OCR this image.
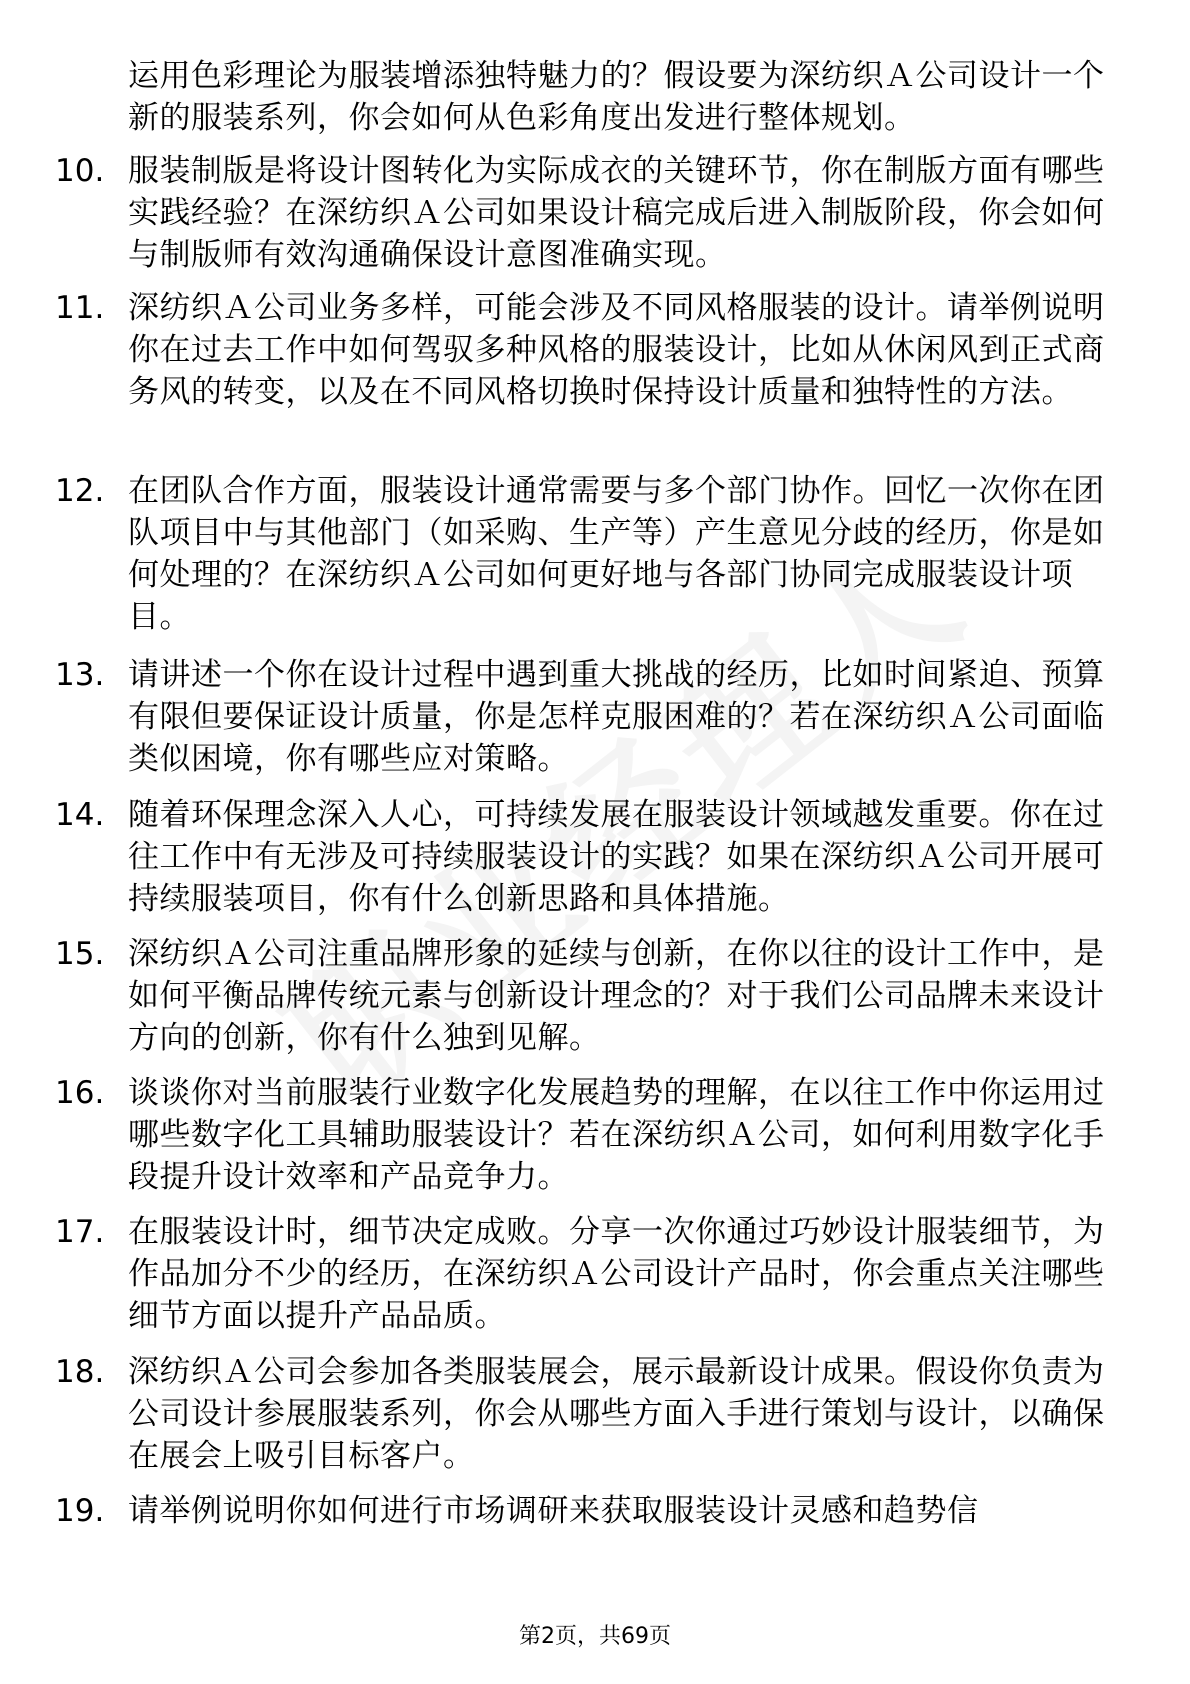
运用色彩理论为服装增添独特魅力的？假设要为深纺织Ａ公司设计一个新的服装系列，你会如何从色彩角度出发进行整体规划。
10. 服装制版是将设计图转化为实际成衣的关键环节，你在制版方面有哪些实践经验？在深纺织Ａ公司如果设计稿完成后进入制版阶段，你会如何与制版师有效沟通确保设计意图准确实现。
11. 深纺织Ａ公司业务多样，可能会涉及不同风格服装的设计。请举例说明你在过去工作中如何驾驭多种风格的服装设计，比如从休闲风到正式商务风的转变，以及在不同风格切换时保持设计质量和独特性的方法。
12. 在团队合作方面，服装设计通常需要与多个部门协作。回忆一次你在团队项目中与其他部门（如采购、生产等）产生意见分歧的经历，你是如何处理的？在深纺织Ａ公司如何更好地与各部门协同完成服装设计项目。
13. 请讲述一个你在设计过程中遇到重大挑战的经历，比如时间紧迫、预算有限但要保证设计质量，你是怎样克服困难的？若在深纺织Ａ公司面临类似困境，你有哪些应对策略。
14. 随着环保理念深入人心，可持续发展在服装设计领域越发重要。你在过往工作中有无涉及可持续服装设计的实践？如果在深纺织Ａ公司开展可持续服装项目，你有什么创新思路和具体措施。
15. 深纺织Ａ公司注重品牌形象的延续与创新，在你以往的设计工作中，是如何平衡品牌传统元素与创新设计理念的？对于我们公司品牌未来设计方向的创新，你有什么独到见解。
16. 谈谈你对当前服装行业数字化发展趋势的理解，在以往工作中你运用过哪些数字化工具辅助服装设计？若在深纺织Ａ公司，如何利用数字化手段提升设计效率和产品竞争力。
17. 在服装设计时，细节决定成败。分享一次你通过巧妙设计服装细节，为作品加分不少的经历，在深纺织Ａ公司设计产品时，你会重点关注哪些细节方面以提升产品品质。
18. 深纺织Ａ公司会参加各类服装展会，展示最新设计成果。假设你负责为公司设计参展服装系列，你会从哪些方面入手进行策划与设计，以确保在展会上吸引目标客户。
19. 请举例说明你如何进行市场调研来获取服装设计灵感和趋势信
第2页，共69页
